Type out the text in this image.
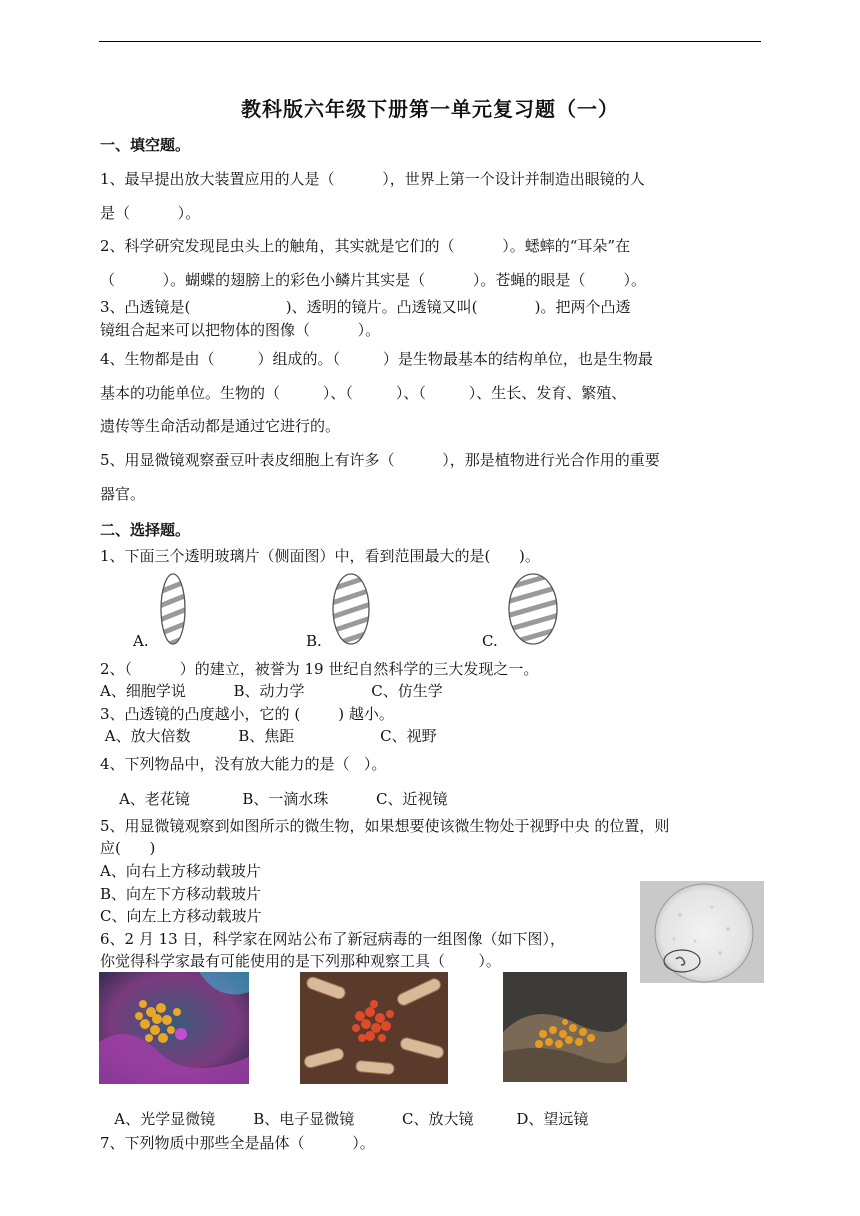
教科版六年级下册第一单元复习题（一）
一、填空题。
1、最早提出放大装置应用的人是（          ），世界上第一个设计并制造出眼镜的人
是（          ）。
2、科学研究发现昆虫头上的触角，其实就是它们的（          ）。蟋蟀的“耳朵”在
（          ）。蝴蝶的翅膀上的彩色小鳞片其实是（          ）。苍蝇的眼是（        ）。
3、凸透镜是(                    )、透明的镜片。凸透镜又叫(            )。把两个凸透
镜组合起来可以把物体的图像（          ）。
4、生物都是由（         ）组成的。（         ）是生物最基本的结构单位，也是生物最
基本的功能单位。生物的（         ）、（         ）、（         ）、生长、发育、繁殖、
遗传等生命活动都是通过它进行的。
5、用显微镜观察蚕豆叶表皮细胞上有许多（          ），那是植物进行光合作用的重要
器官。
二、选择题。
1、下面三个透明玻璃片（侧面图）中，看到范围最大的是(      )。
A.	B.	C.
2、（          ）的建立，被誉为 19 世纪自然科学的三大发现之一。
A、细胞学说          B、动力学              C、仿生学
3、凸透镜的凸度越小，它的 (        ) 越小。
A、放大倍数          B、焦距                  C、视野
4、下列物品中，没有放大能力的是（   ）。
A、老花镜           B、一滴水珠          C、近视镜
5、用显微镜观察到如图所示的微生物，如果想要使该微生物处于视野中央 的位置，则
应(      )
A、向右上方移动载玻片
B、向左下方移动载玻片
C、向左上方移动载玻片
6、2 月 13 日，科学家在网站公布了新冠病毒的一组图像（如下图），
你觉得科学家最有可能使用的是下列那种观察工具（       ）。
A、光学显微镜        B、电子显微镜          C、放大镜         D、望远镜
7、下列物质中那些全是晶体（          ）。
